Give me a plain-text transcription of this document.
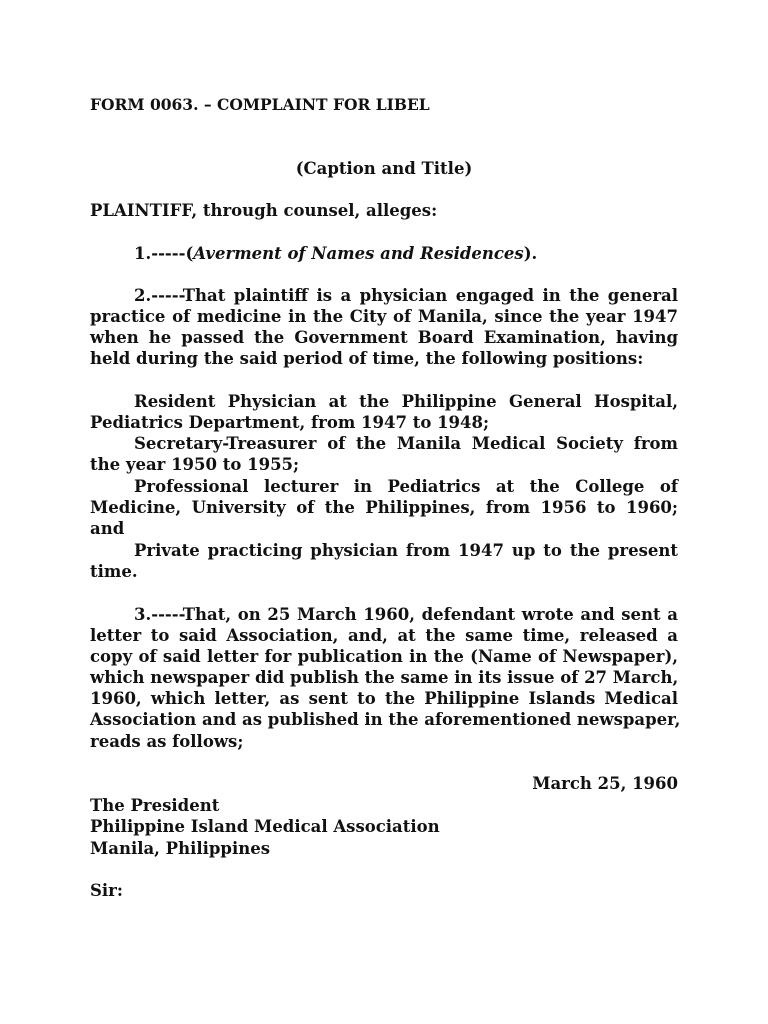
FORM 0063. – COMPLAINT FOR LIBEL
(Caption and Title)
PLAINTIFF, through counsel, alleges:
1.-----(Averment of Names and Residences).
2.-----That plaintiff is a physician engaged in the general
practice of medicine in the City of Manila, since the year 1947
when he passed the Government Board Examination, having
held during the said period of time, the following positions:
Resident Physician at the Philippine General Hospital,
Pediatrics Department, from 1947 to 1948;
Secretary-Treasurer of the Manila Medical Society from
the year 1950 to 1955;
Professional lecturer in Pediatrics at the College of
Medicine, University of the Philippines, from 1956 to 1960;
and
Private practicing physician from 1947 up to the present
time.
3.-----That, on 25 March 1960, defendant wrote and sent a
letter to said Association, and, at the same time, released a
copy of said letter for publication in the (Name of Newspaper),
which newspaper did publish the same in its issue of 27 March,
1960, which letter, as sent to the Philippine Islands Medical
Association and as published in the aforementioned newspaper,
reads as follows;
March 25, 1960
The President
Philippine Island Medical Association
Manila, Philippines
Sir:
